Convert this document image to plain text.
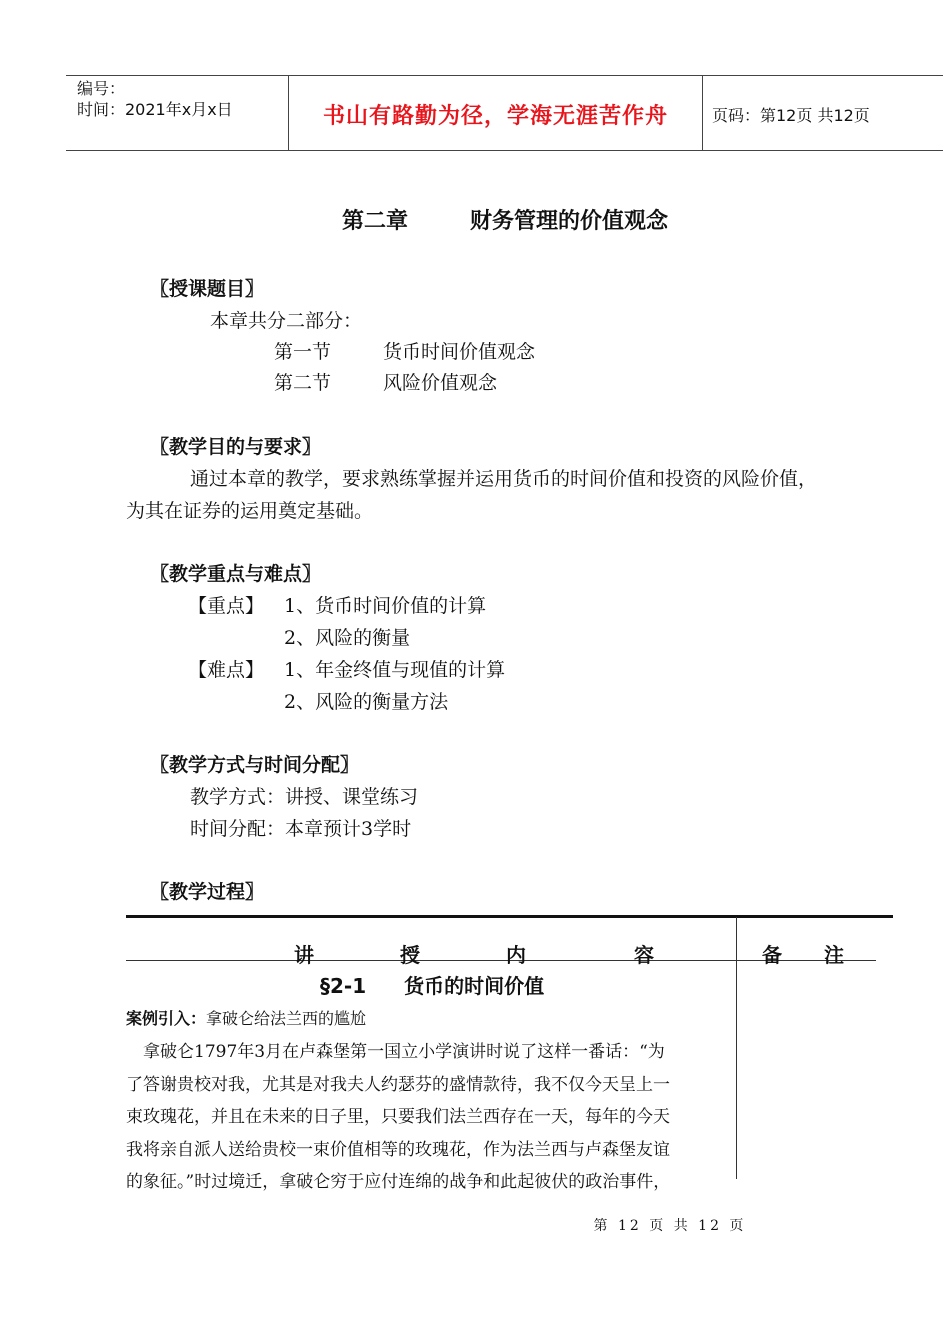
编号：
时间：2021年x月x日	书山有路勤为径，学海无涯苦作舟	页码：第12页 共12页
第二章	财务管理的价值观念
〖授课题目〗
本章共分二部分：
第一节	货币时间价值观念
第二节	风险价值观念
〖教学目的与要求〗
通过本章的教学，要求熟练掌握并运用货币的时间价值和投资的风险价值，
为其在证券的运用奠定基础。
〖教学重点与难点〗
【重点】 1、货币时间价值的计算
2、风险的衡量
【难点】 1、年金终值与现值的计算
2、风险的衡量方法
〖教学方式与时间分配〗
教学方式：讲授、课堂练习
时间分配：本章预计3学时
〖教学过程〗
讲	授	内	容	备 注
§2-1 货币的时间价值
案例引入：拿破仑给法兰西的尴尬
拿破仑1797年3月在卢森堡第一国立小学演讲时说了这样一番话：“为
了答谢贵校对我，尤其是对我夫人约瑟芬的盛情款待，我不仅今天呈上一
束玫瑰花，并且在未来的日子里，只要我们法兰西存在一天，每年的今天
我将亲自派人送给贵校一束价值相等的玫瑰花，作为法兰西与卢森堡友谊
的象征。”时过境迁，拿破仑穷于应付连绵的战争和此起彼伏的政治事件，
第 12 页 共 12 页
